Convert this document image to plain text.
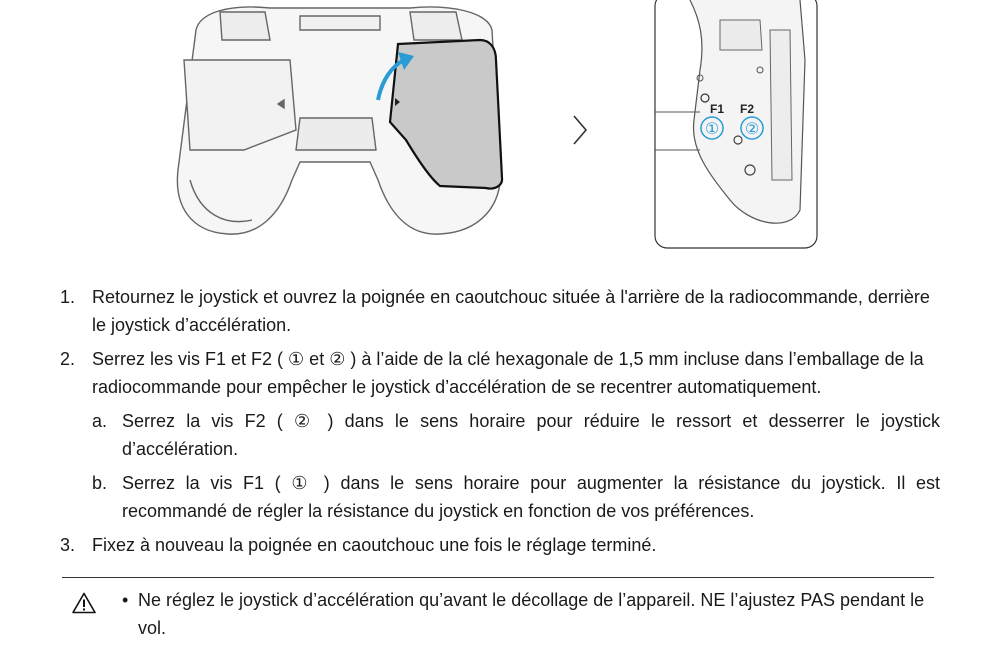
F1 F2
① ②
1. Retournez le joystick et ouvrez la poignée en caoutchouc située à l'arrière de la radiocommande, derrière le joystick d’accélération.
2. Serrez les vis F1 et F2 ( ① et ② ) à l’aide de la clé hexagonale de 1,5 mm incluse dans l’emballage de la radiocommande pour empêcher le joystick d’accélération de se recentrer automatiquement.
a. Serrez la vis F2 ( ② ) dans le sens horaire pour réduire le ressort et desserrer le joystick d’accélération.
b. Serrez la vis F1 ( ① ) dans le sens horaire pour augmenter la résistance du joystick. Il est recommandé de régler la résistance du joystick en fonction de vos préférences.
3. Fixez à nouveau la poignée en caoutchouc une fois le réglage terminé.
• Ne réglez le joystick d’accélération qu’avant le décollage de l’appareil. NE l’ajustez PAS pendant le vol.
